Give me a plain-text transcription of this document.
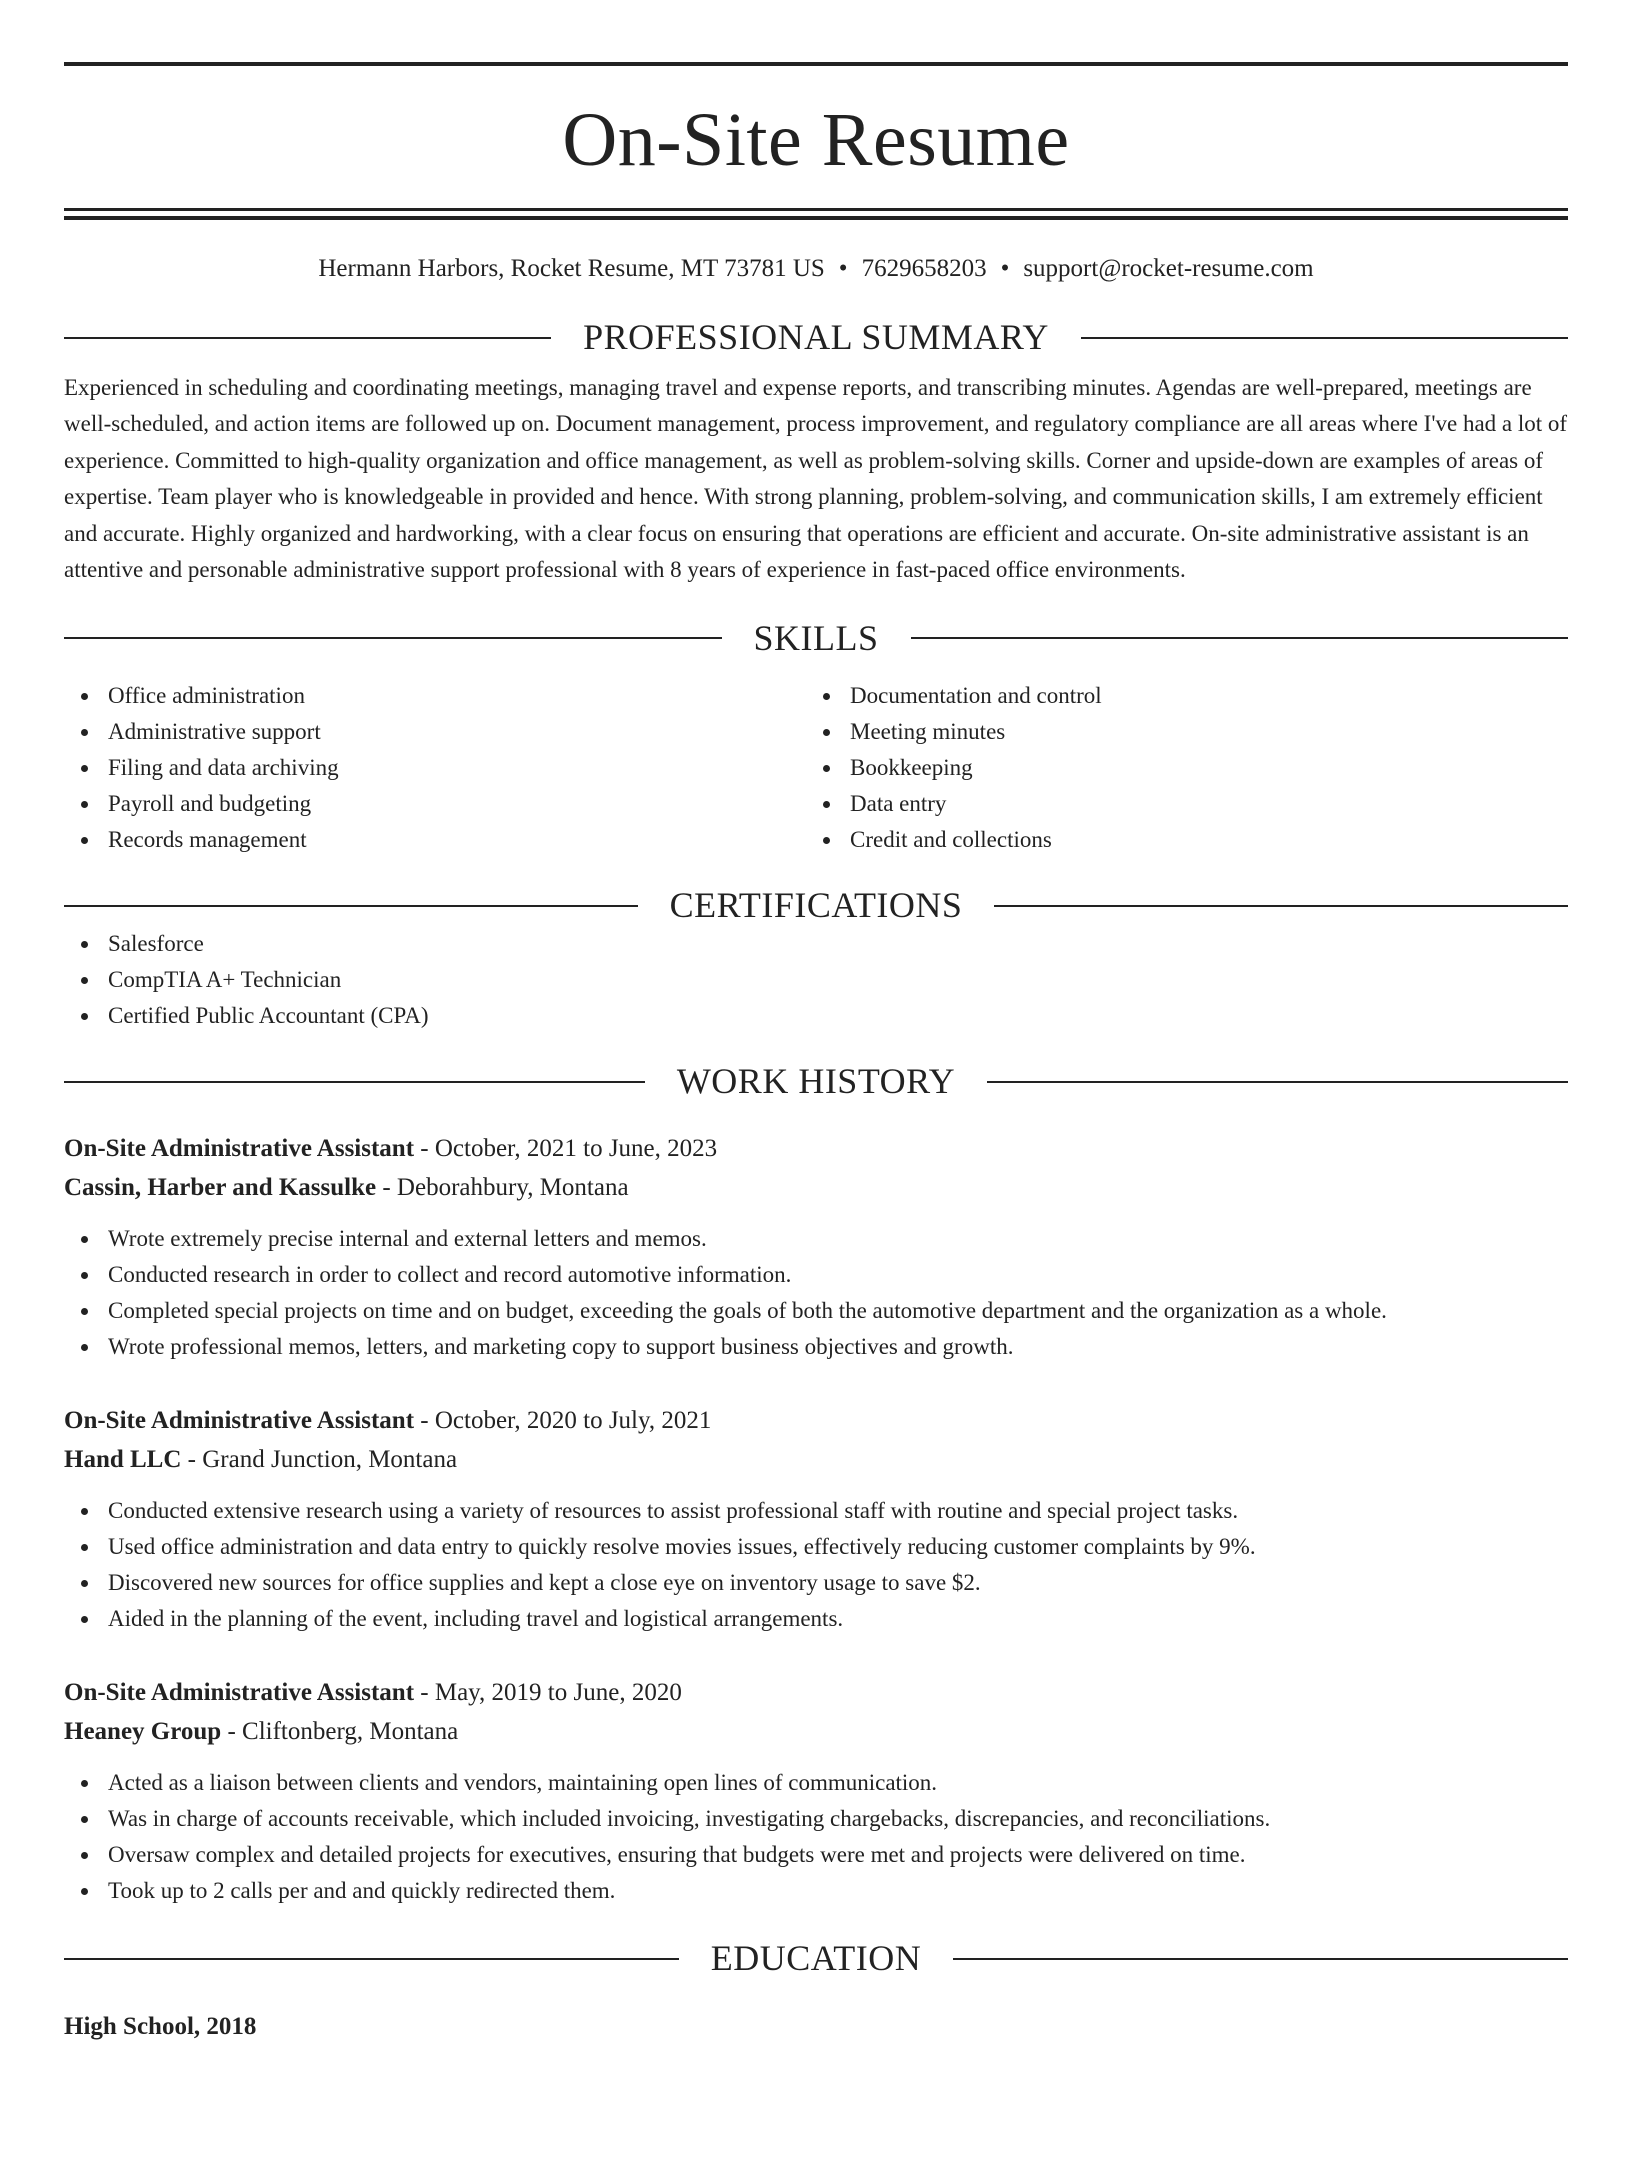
On-Site Resume
Hermann Harbors, Rocket Resume, MT 73781 US • 7629658203 • support@rocket-resume.com
PROFESSIONAL SUMMARY
Experienced in scheduling and coordinating meetings, managing travel and expense reports, and transcribing minutes. Agendas are well-prepared, meetings are well-scheduled, and action items are followed up on. Document management, process improvement, and regulatory compliance are all areas where I've had a lot of experience. Committed to high-quality organization and office management, as well as problem-solving skills. Corner and upside-down are examples of areas of expertise. Team player who is knowledgeable in provided and hence. With strong planning, problem-solving, and communication skills, I am extremely efficient and accurate. Highly organized and hardworking, with a clear focus on ensuring that operations are efficient and accurate. On-site administrative assistant is an attentive and personable administrative support professional with 8 years of experience in fast-paced office environments.
SKILLS
Office administration
Administrative support
Filing and data archiving
Payroll and budgeting
Records management
Documentation and control
Meeting minutes
Bookkeeping
Data entry
Credit and collections
CERTIFICATIONS
Salesforce
CompTIA A+ Technician
Certified Public Accountant (CPA)
WORK HISTORY
On-Site Administrative Assistant - October, 2021 to June, 2023
Cassin, Harber and Kassulke - Deborahbury, Montana
Wrote extremely precise internal and external letters and memos.
Conducted research in order to collect and record automotive information.
Completed special projects on time and on budget, exceeding the goals of both the automotive department and the organization as a whole.
Wrote professional memos, letters, and marketing copy to support business objectives and growth.
On-Site Administrative Assistant - October, 2020 to July, 2021
Hand LLC - Grand Junction, Montana
Conducted extensive research using a variety of resources to assist professional staff with routine and special project tasks.
Used office administration and data entry to quickly resolve movies issues, effectively reducing customer complaints by 9%.
Discovered new sources for office supplies and kept a close eye on inventory usage to save $2.
Aided in the planning of the event, including travel and logistical arrangements.
On-Site Administrative Assistant - May, 2019 to June, 2020
Heaney Group - Cliftonberg, Montana
Acted as a liaison between clients and vendors, maintaining open lines of communication.
Was in charge of accounts receivable, which included invoicing, investigating chargebacks, discrepancies, and reconciliations.
Oversaw complex and detailed projects for executives, ensuring that budgets were met and projects were delivered on time.
Took up to 2 calls per and and quickly redirected them.
EDUCATION
High School, 2018
